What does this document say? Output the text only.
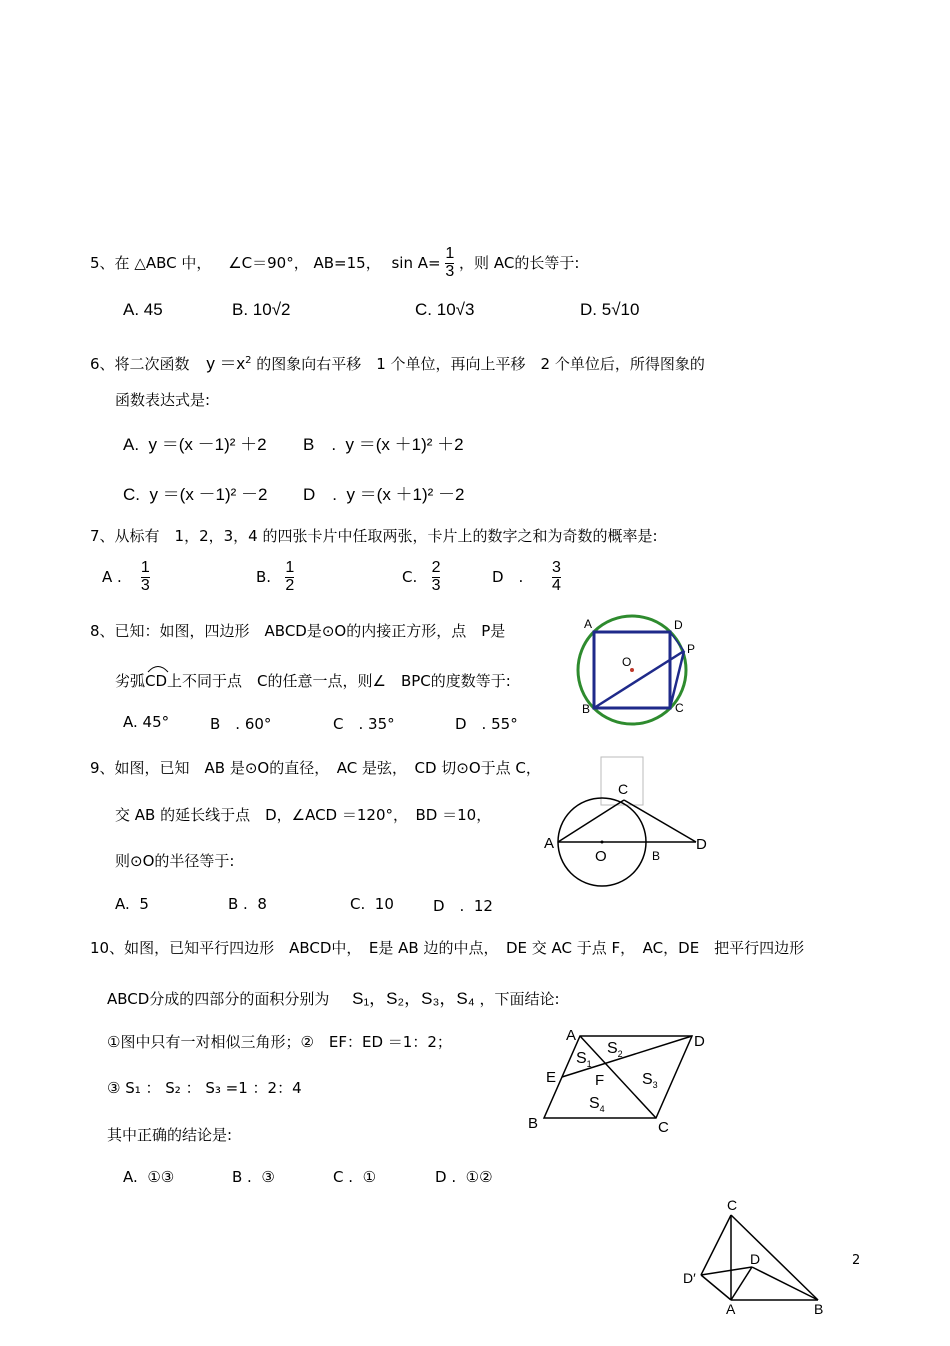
5、在 △ABC 中， ∠C＝90°， AB=15， $\sin A= \frac{1}{3}$ ，则 AC的长等于:
A. 45	B. 10√2	C. 10√3	D. 5√10
6、将二次函数 $y =x^2$ 的图象向右平移　1 个单位，再向上平移　2 个单位后，所得图象的
函数表达式是:
A. y ＝(x －1)² ＋2 B　. y ＝(x ＋1)² ＋2
C. y ＝(x －1)² －2 D　. y ＝(x ＋1)² －2
7、从标有　1，2，3，4 的四张卡片中任取两张，卡片上的数字之和为奇数的概率是:
A . $\frac{1}{3}$	B. $\frac{1}{2}$	C. $\frac{2}{3}$	D　. $\frac{3}{4}$
8、已知：如图，四边形　ABCD是⊙O的内接正方形，点　P是
劣弧
CD上不同于点　C的任意一点，则∠　BPC的度数等于:
A. 45°	B　. 60°	C　. 35°	D　. 55°
A	D
P
O
B	C
9、如图，已知　AB 是⊙O的直径，　AC 是弦，　CD 切⊙O于点 C，
交 AB 的延长线于点　D，∠ACD ＝120°，　BD ＝10，
则⊙O的半径等于:
A. 5	B . 8	C. 10	D　. 12
C
A
O	B
D
10、如图，已知平行四边形　ABCD中，　E是 AB 边的中点，　DE 交 AC 于点 F，　AC，DE　把平行四边形
ABCD分成的四部分的面积分别为 S₁，S₂，S₃，S₄ ，下面结论:
①图中只有一对相似三角形；②　EF：ED ＝1：2；
③ S₁ ： S₂ ： S₃ =1 ：2：4
其中正确的结论是:
A. ①③	B . ③	C . ①	D . ①②
A	D
E	F
B	C
$S_1$
$S_2$
$S_3$
$S_4$
C
D
D′
A	B
2
